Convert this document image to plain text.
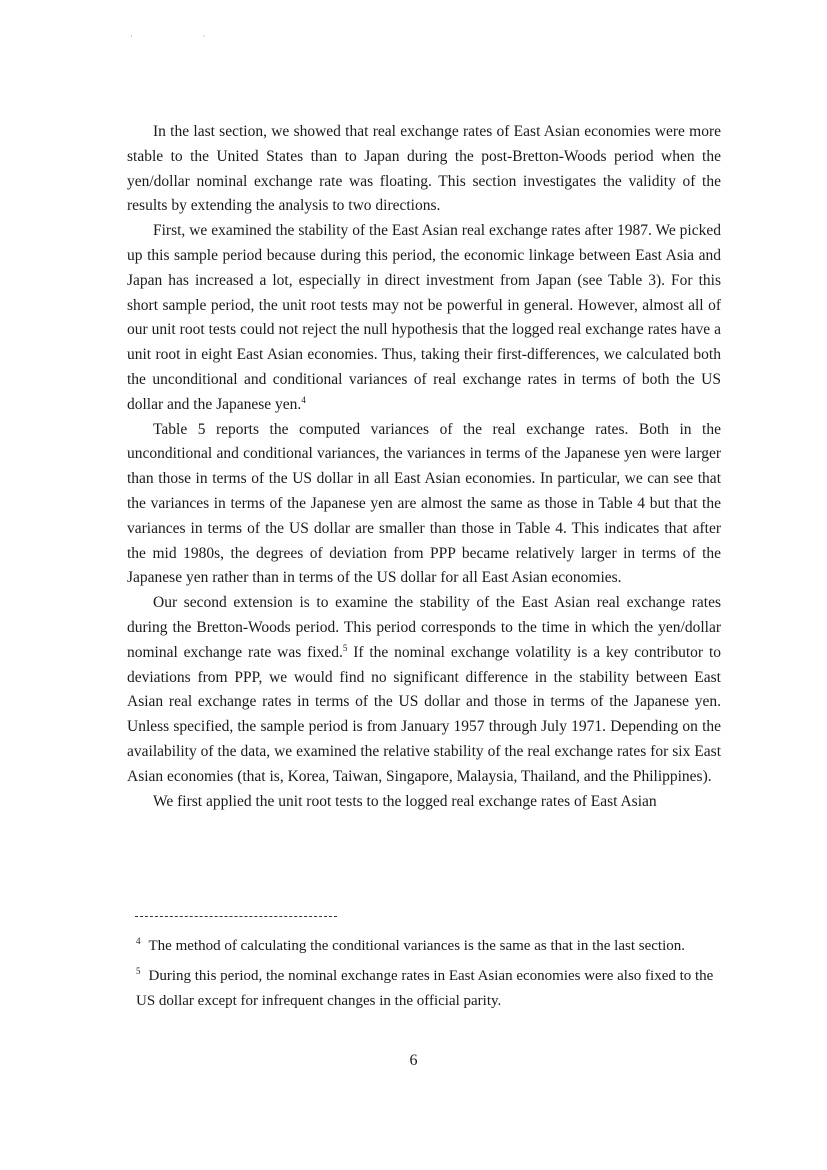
· ·

In the last section, we showed that real exchange rates of East Asian economies were more stable to the United States than to Japan during the post-Bretton-Woods period when the yen/dollar nominal exchange rate was floating. This section investigates the validity of the results by extending the analysis to two directions.

First, we examined the stability of the East Asian real exchange rates after 1987. We picked up this sample period because during this period, the economic linkage between East Asia and Japan has increased a lot, especially in direct investment from Japan (see Table 3). For this short sample period, the unit root tests may not be powerful in general. However, almost all of our unit root tests could not reject the null hypothesis that the logged real exchange rates have a unit root in eight East Asian economies. Thus, taking their first-differences, we calculated both the unconditional and conditional variances of real exchange rates in terms of both the US dollar and the Japanese yen.$^4$

Table 5 reports the computed variances of the real exchange rates. Both in the unconditional and conditional variances, the variances in terms of the Japanese yen were larger than those in terms of the US dollar in all East Asian economies. In particular, we can see that the variances in terms of the Japanese yen are almost the same as those in Table 4 but that the variances in terms of the US dollar are smaller than those in Table 4. This indicates that after the mid 1980s, the degrees of deviation from PPP became relatively larger in terms of the Japanese yen rather than in terms of the US dollar for all East Asian economies.

Our second extension is to examine the stability of the East Asian real exchange rates during the Bretton-Woods period. This period corresponds to the time in which the yen/dollar nominal exchange rate was fixed.$^5$ If the nominal exchange volatility is a key contributor to deviations from PPP, we would find no significant difference in the stability between East Asian real exchange rates in terms of the US dollar and those in terms of the Japanese yen. Unless specified, the sample period is from January 1957 through July 1971. Depending on the availability of the data, we examined the relative stability of the real exchange rates for six East Asian economies (that is, Korea, Taiwan, Singapore, Malaysia, Thailand, and the Philippines).

We first applied the unit root tests to the logged real exchange rates of East Asian

$^4$ The method of calculating the conditional variances is the same as that in the last section.

$^5$ During this period, the nominal exchange rates in East Asian economies were also fixed to the US dollar except for infrequent changes in the official parity.

6
